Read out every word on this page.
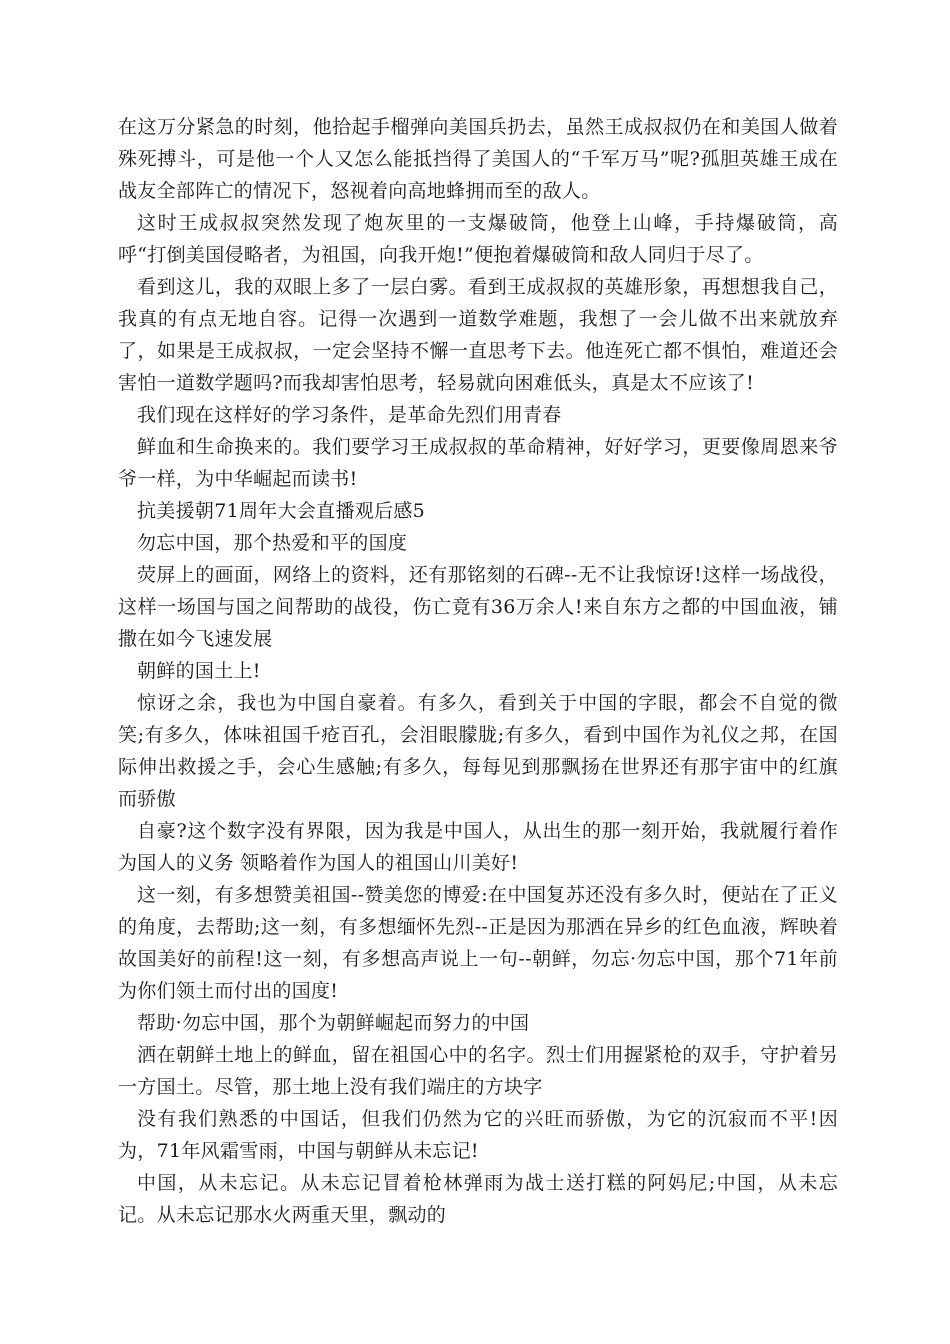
在这万分紧急的时刻，他拾起手榴弹向美国兵扔去，虽然王成叔叔仍在和美国人做着殊死搏斗，可是他一个人又怎么能抵挡得了美国人的“千军万马”呢?孤胆英雄王成在战友全部阵亡的情况下，怒视着向高地蜂拥而至的敌人。

这时王成叔叔突然发现了炮灰里的一支爆破筒，他登上山峰，手持爆破筒，高呼“打倒美国侵略者，为祖国，向我开炮!”便抱着爆破筒和敌人同归于尽了。

看到这儿，我的双眼上多了一层白雾。看到王成叔叔的英雄形象，再想想我自己，我真的有点无地自容。记得一次遇到一道数学难题，我想了一会儿做不出来就放弃了，如果是王成叔叔，一定会坚持不懈一直思考下去。他连死亡都不惧怕，难道还会害怕一道数学题吗?而我却害怕思考，轻易就向困难低头，真是太不应该了!

我们现在这样好的学习条件，是革命先烈们用青春

鲜血和生命换来的。我们要学习王成叔叔的革命精神，好好学习，更要像周恩来爷爷一样，为中华崛起而读书!

抗美援朝71周年大会直播观后感5

勿忘中国，那个热爱和平的国度

荧屏上的画面，网络上的资料，还有那铭刻的石碑--无不让我惊讶!这样一场战役，这样一场国与国之间帮助的战役，伤亡竟有36万余人!来自东方之都的中国血液，铺撒在如今飞速发展

朝鲜的国土上!

惊讶之余，我也为中国自豪着。有多久，看到关于中国的字眼，都会不自觉的微笑;有多久，体味祖国千疮百孔，会泪眼朦胧;有多久，看到中国作为礼仪之邦，在国际伸出救援之手，会心生感触;有多久，每每见到那飘扬在世界还有那宇宙中的红旗而骄傲

自豪?这个数字没有界限，因为我是中国人，从出生的那一刻开始，我就履行着作为国人的义务 领略着作为国人的祖国山川美好!

这一刻，有多想赞美祖国--赞美您的博爱:在中国复苏还没有多久时，便站在了正义的角度，去帮助;这一刻，有多想缅怀先烈--正是因为那洒在异乡的红色血液，辉映着故国美好的前程!这一刻，有多想高声说上一句--朝鲜，勿忘·勿忘中国，那个71年前为你们领土而付出的国度!

帮助·勿忘中国，那个为朝鲜崛起而努力的中国

洒在朝鲜土地上的鲜血，留在祖国心中的名字。烈士们用握紧枪的双手，守护着另一方国土。尽管，那土地上没有我们端庄的方块字

没有我们熟悉的中国话，但我们仍然为它的兴旺而骄傲，为它的沉寂而不平!因为，71年风霜雪雨，中国与朝鲜从未忘记!

中国，从未忘记。从未忘记冒着枪林弹雨为战士送打糕的阿妈尼;中国，从未忘记。从未忘记那水火两重天里，飘动的
